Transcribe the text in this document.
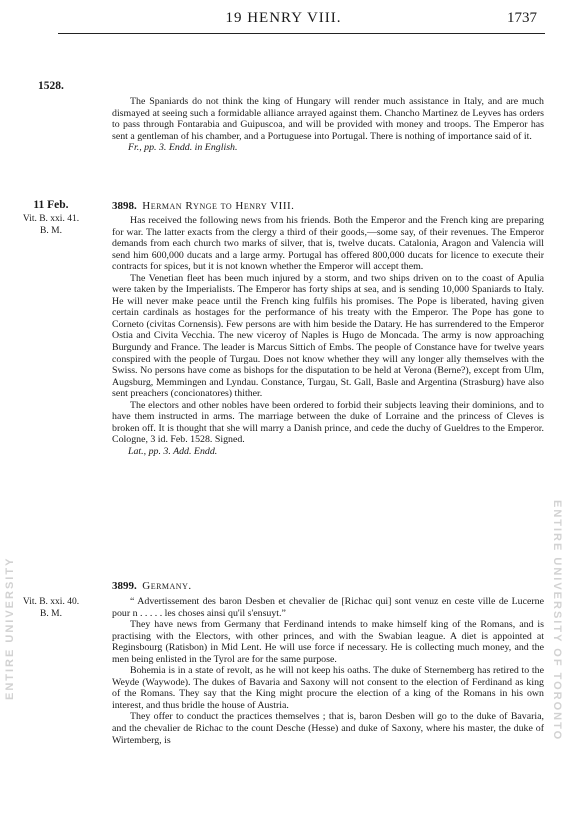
19 HENRY VIII.	1737
1528.

The Spaniards do not think the king of Hungary will render much assistance in Italy, and are much dismayed at seeing such a formidable alliance arrayed against them. Chancho Martinez de Leyves has orders to pass through Fontarabia and Guipuscoa, and will be provided with money and troops. The Emperor has sent a gentleman of his chamber, and a Portuguese into Portugal. There is nothing of importance said of it.

Fr., pp. 3. Endd. in English.

11 Feb.
Vit. B. xxi. 41.
B. M.
3898. Herman Rynge to Henry VIII.

Has received the following news from his friends. Both the Emperor and the French king are preparing for war. The latter exacts from the clergy a third of their goods,—some say, of their revenues. The Emperor demands from each church two marks of silver, that is, twelve ducats. Catalonia, Aragon and Valencia will send him 600,000 ducats and a large army. Portugal has offered 800,000 ducats for licence to execute their contracts for spices, but it is not known whether the Emperor will accept them.

The Venetian fleet has been much injured by a storm, and two ships driven on to the coast of Apulia were taken by the Imperialists. The Emperor has forty ships at sea, and is sending 10,000 Spaniards to Italy. He will never make peace until the French king fulfils his promises. The Pope is liberated, having given certain cardinals as hostages for the performance of his treaty with the Emperor. The Pope has gone to Corneto (civitas Cornensis). Few persons are with him beside the Datary. He has surrendered to the Emperor Ostia and Civita Vecchia. The new viceroy of Naples is Hugo de Moncada. The army is now approaching Burgundy and France. The leader is Marcus Sittich of Embs. The people of Constance have for twelve years conspired with the people of Turgau. Does not know whether they will any longer ally themselves with the Swiss. No persons have come as bishops for the disputation to be held at Verona (Berne?), except from Ulm, Augsburg, Memmingen and Lyndau. Constance, Turgau, St. Gall, Basle and Argentina (Strasburg) have also sent preachers (concionatores) thither.

The electors and other nobles have been ordered to forbid their subjects leaving their dominions, and to have them instructed in arms. The marriage between the duke of Lorraine and the princess of Cleves is broken off. It is thought that she will marry a Danish prince, and cede the duchy of Gueldres to the Emperor. Cologne, 3 id. Feb. 1528. Signed.

Lat., pp. 3. Add. Endd.

3899. Germany.
Vit. B. xxi. 40.
B. M.

“ Advertissement des baron Desben et chevalier de [Richac qui] sont venuz en ceste ville de Lucerne pour n . . . . . les choses ainsi qu'il s'ensuyt.”

They have news from Germany that Ferdinand intends to make himself king of the Romans, and is practising with the Electors, with other princes, and with the Swabian league. A diet is appointed at Reginsbourg (Ratisbon) in Mid Lent. He will use force if necessary. He is collecting much money, and the men being enlisted in the Tyrol are for the same purpose.

Bohemia is in a state of revolt, as he will not keep his oaths. The duke of Sternemberg has retired to the Weyde (Waywode). The dukes of Bavaria and Saxony will not consent to the election of Ferdinand as king of the Romans. They say that the King might procure the election of a king of the Romans in his own interest, and thus bridle the house of Austria.

They offer to conduct the practices themselves ; that is, baron Desben will go to the duke of Bavaria, and the chevalier de Richac to the count Desche (Hesse) and duke of Saxony, where his master, the duke of Wirtemberg, is

ENTIRE UNIVERSITY	ENTIRE UNIVERSITY OF TORONTO
